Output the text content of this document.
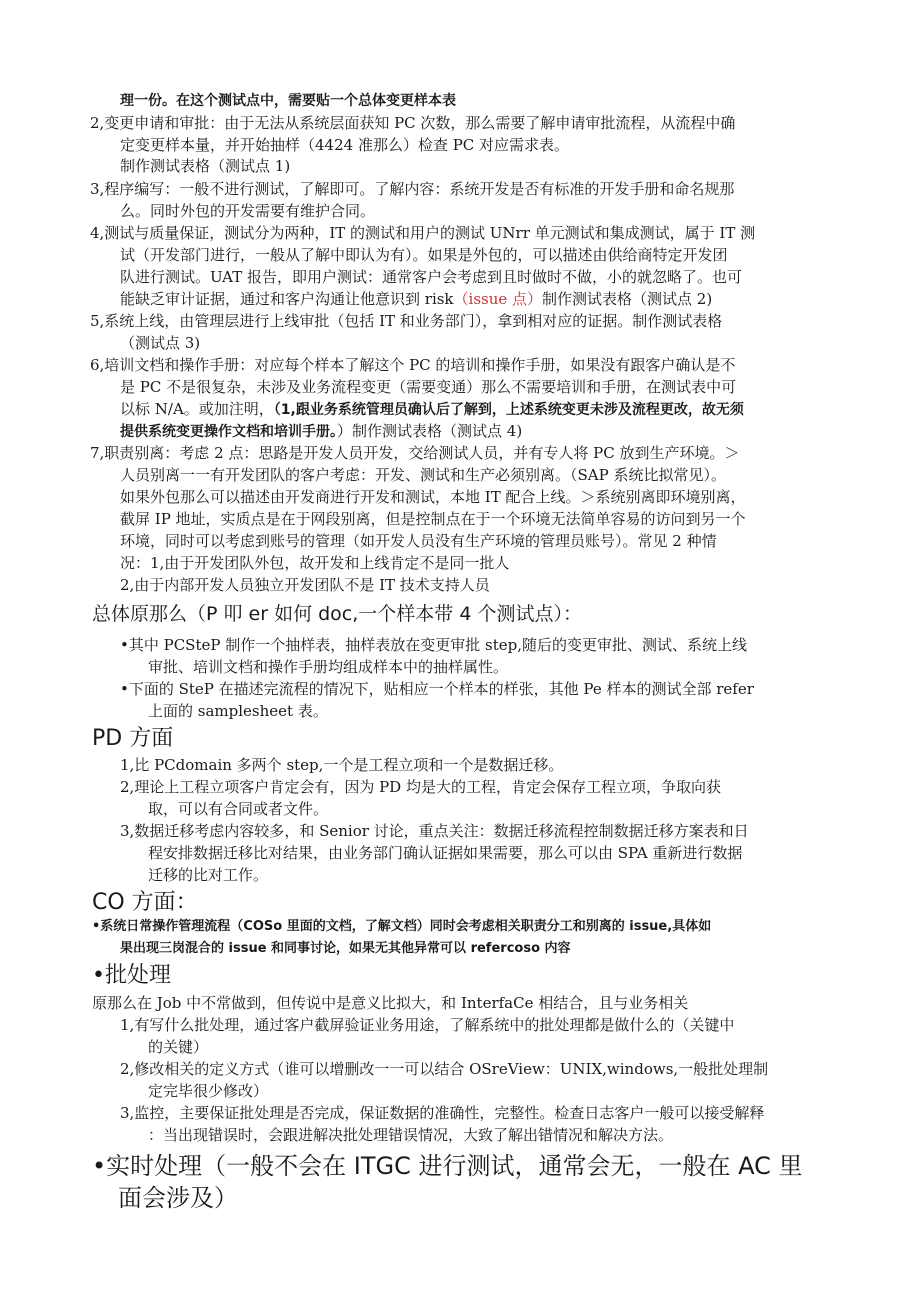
理一份。在这个测试点中，需要贴一个总体变更样本表
2,变更申请和审批：由于无法从系统层面获知 PC 次数，那么需要了解申请审批流程，从流程中确
定变更样本量，并开始抽样（4424 准那么）检查 PC 对应需求表。
制作测试表格（测试点 1)
3,程序编写：一般不进行测试，了解即可。了解内容：系统开发是否有标准的开发手册和命名规那
么。同时外包的开发需要有维护合同。
4,测试与质量保证，测试分为两种，IT 的测试和用户的测试 UNrr 单元测试和集成测试，属于 IT 测
试（开发部门进行，一般从了解中即认为有）。如果是外包的，可以描述由供给商特定开发团
队进行测试。UAT 报告，即用户测试：通常客户会考虑到且时做时不做，小的就忽略了。也可
能缺乏审计证据，通过和客户沟通让他意识到 risk（issue 点）制作测试表格（测试点 2)
5,系统上线，由管理层进行上线审批（包括 IT 和业务部门），拿到相对应的证据。制作测试表格
（测试点 3)
6,培训文档和操作手册：对应每个样本了解这个 PC 的培训和操作手册，如果没有跟客户确认是不
是 PC 不是很复杂，未涉及业务流程变更（需要变通）那么不需要培训和手册，在测试表中可
以标 N/A。或加注明，（1,跟业务系统管理员确认后了解到，上述系统变更未涉及流程更改，故无须
提供系统变更操作文档和培训手册。）制作测试表格（测试点 4)
7,职责别离：考虑 2 点：思路是开发人员开发，交给测试人员，并有专人将 PC 放到生产环境。＞
人员别离一一有开发团队的客户考虑：开发、测试和生产必须别离。（SAP 系统比拟常见）。
如果外包那么可以描述由开发商进行开发和测试，本地 IT 配合上线。＞系统别离即环境别离，
截屏 IP 地址，实质点是在于网段别离，但是控制点在于一个环境无法简单容易的访问到另一个
环境，同时可以考虑到账号的管理（如开发人员没有生产环境的管理员账号）。常见 2 种情
况：1,由于开发团队外包，故开发和上线肯定不是同一批人
2,由于内部开发人员独立开发团队不是 IT 技术支持人员
总体原那么（P 叩 er 如何 doc,一个样本带 4 个测试点）：
•其中 PCSteP 制作一个抽样表，抽样表放在变更审批 step,随后的变更审批、测试、系统上线
审批、培训文档和操作手册均组成样本中的抽样属性。
•下面的 SteP 在描述完流程的情况下，贴相应一个样本的样张，其他 Pe 样本的测试全部 refer
上面的 samplesheet 表。
PD 方面
1,比 PCdomain 多两个 step,一个是工程立项和一个是数据迁移。
2,理论上工程立项客户肯定会有，因为 PD 均是大的工程，肯定会保存工程立项，争取向获
取，可以有合同或者文件。
3,数据迁移考虑内容较多，和 Senior 讨论，重点关注：数据迁移流程控制数据迁移方案表和日
程安排数据迁移比对结果，由业务部门确认证据如果需要，那么可以由 SPA 重新进行数据
迁移的比对工作。
CO 方面：
•系统日常操作管理流程（COSo 里面的文档，了解文档）同时会考虑相关职责分工和别离的 issue,具体如
果出现三岗混合的 issue 和同事讨论，如果无其他异常可以 refercoso 内容
•批处理
原那么在 Job 中不常做到，但传说中是意义比拟大，和 InterfaCe 相结合，且与业务相关
1,有写什么批处理，通过客户截屏验证业务用途，了解系统中的批处理都是做什么的（关键中
的关键）
2,修改相关的定义方式（谁可以增删改一一可以结合 OSreView：UNIX,windows,一般批处理制
定完毕很少修改）
3,监控，主要保证批处理是否完成，保证数据的准确性，完整性。检查日志客户一般可以接受解释
：当出现错误时，会跟进解决批处理错误情况，大致了解出错情况和解决方法。
•实时处理（一般不会在 ITGC 进行测试，通常会无，一般在 AC 里
面会涉及）
